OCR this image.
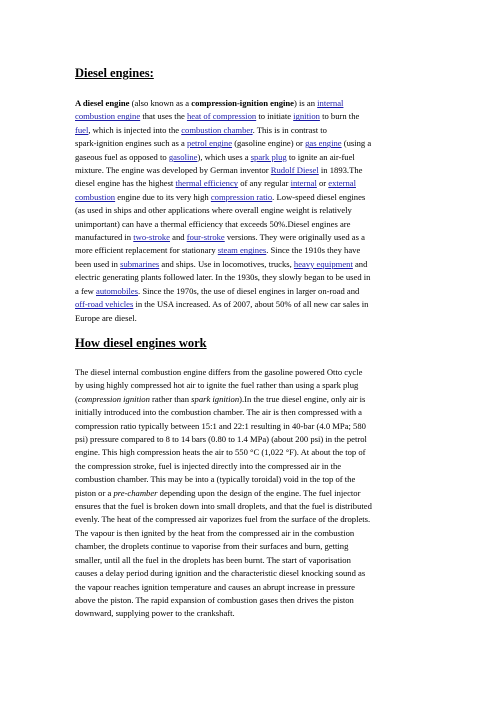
Diesel engines:

A diesel engine (also known as a compression-ignition engine) is an internal
combustion engine that uses the heat of compression to initiate ignition to burn the
fuel, which is injected into the combustion chamber. This is in contrast to
spark-ignition engines such as a petrol engine (gasoline engine) or gas engine (using a
gaseous fuel as opposed to gasoline), which uses a spark plug to ignite an air-fuel
mixture. The engine was developed by German inventor Rudolf Diesel in 1893.The
diesel engine has the highest thermal efficiency of any regular internal or external
combustion engine due to its very high compression ratio. Low-speed diesel engines
(as used in ships and other applications where overall engine weight is relatively
unimportant) can have a thermal efficiency that exceeds 50%.Diesel engines are
manufactured in two-stroke and four-stroke versions. They were originally used as a
more efficient replacement for stationary steam engines. Since the 1910s they have
been used in submarines and ships. Use in locomotives, trucks, heavy equipment and
electric generating plants followed later. In the 1930s, they slowly began to be used in
a few automobiles. Since the 1970s, the use of diesel engines in larger on-road and
off-road vehicles in the USA increased. As of 2007, about 50% of all new car sales in
Europe are diesel.

How diesel engines work

The diesel internal combustion engine differs from the gasoline powered Otto cycle
by using highly compressed hot air to ignite the fuel rather than using a spark plug
(compression ignition rather than spark ignition).In the true diesel engine, only air is
initially introduced into the combustion chamber. The air is then compressed with a
compression ratio typically between 15:1 and 22:1 resulting in 40-bar (4.0 MPa; 580
psi) pressure compared to 8 to 14 bars (0.80 to 1.4 MPa) (about 200 psi) in the petrol
engine. This high compression heats the air to 550 °C (1,022 °F). At about the top of
the compression stroke, fuel is injected directly into the compressed air in the
combustion chamber. This may be into a (typically toroidal) void in the top of the
piston or a pre-chamber depending upon the design of the engine. The fuel injector
ensures that the fuel is broken down into small droplets, and that the fuel is distributed
evenly. The heat of the compressed air vaporizes fuel from the surface of the droplets.
The vapour is then ignited by the heat from the compressed air in the combustion
chamber, the droplets continue to vaporise from their surfaces and burn, getting
smaller, until all the fuel in the droplets has been burnt. The start of vaporisation
causes a delay period during ignition and the characteristic diesel knocking sound as
the vapour reaches ignition temperature and causes an abrupt increase in pressure
above the piston. The rapid expansion of combustion gases then drives the piston
downward, supplying power to the crankshaft.
